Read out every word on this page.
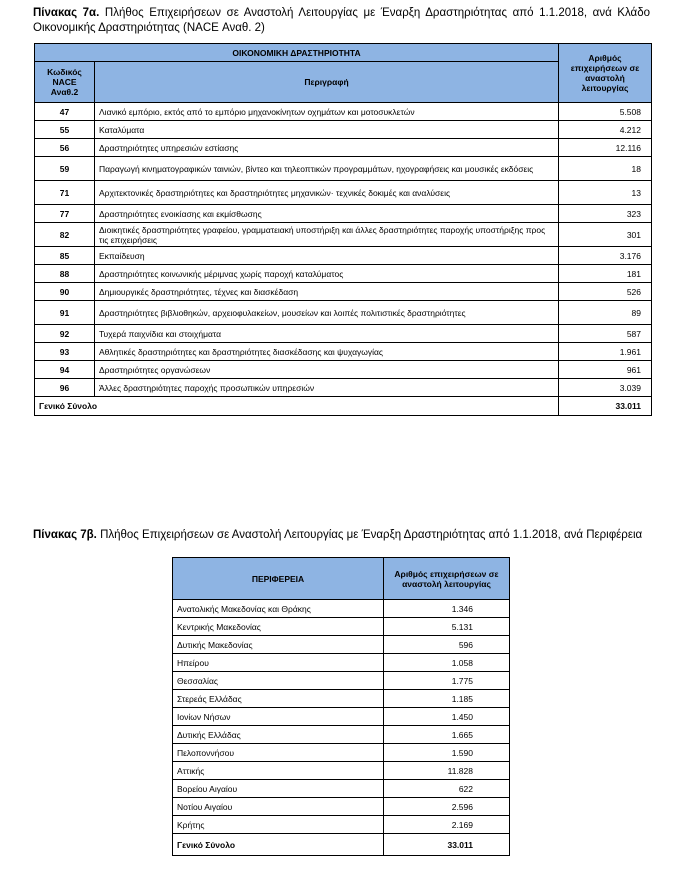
Πίνακας 7α. Πλήθος Επιχειρήσεων σε Αναστολή Λειτουργίας με Έναρξη Δραστηριότητας από 1.1.2018, ανά Κλάδο Οικονομικής Δραστηριότητας (NACE Αναθ. 2)
ΟΙΚΟΝΟΜΙΚΗ ΔΡΑΣΤΗΡΙΟΤΗΤΑ		Αριθμός επιχειρήσεων σε αναστολή λειτουργίας
Κωδικός NACE Αναθ.2	Περιγραφή	
47	Λιανικό εμπόριο, εκτός από το εμπόριο μηχανοκίνητων οχημάτων και μοτοσυκλετών	5.508
55	Καταλύματα	4.212
56	Δραστηριότητες υπηρεσιών εστίασης	12.116
59	Παραγωγή κινηματογραφικών ταινιών, βίντεο και τηλεοπτικών προγραμμάτων, ηχογραφήσεις και μουσικές εκδόσεις	18
71	Αρχιτεκτονικές δραστηριότητες και δραστηριότητες μηχανικών· τεχνικές δοκιμές και αναλύσεις	13
77	Δραστηριότητες ενοικίασης και εκμίσθωσης	323
82	Διοικητικές δραστηριότητες γραφείου, γραμματειακή υποστήριξη και άλλες δραστηριότητες παροχής υποστήριξης προς τις επιχειρήσεις	301
85	Εκπαίδευση	3.176
88	Δραστηριότητες κοινωνικής μέριμνας χωρίς παροχή καταλύματος	181
90	Δημιουργικές δραστηριότητες, τέχνες και διασκέδαση	526
91	Δραστηριότητες βιβλιοθηκών, αρχειοφυλακείων, μουσείων και λοιπές πολιτιστικές δραστηριότητες	89
92	Τυχερά παιχνίδια και στοιχήματα	587
93	Αθλητικές δραστηριότητες και δραστηριότητες διασκέδασης και ψυχαγωγίας	1.961
94	Δραστηριότητες οργανώσεων	961
96	Άλλες δραστηριότητες παροχής προσωπικών υπηρεσιών	3.039
Γενικό Σύνολο		33.011
Πίνακας 7β. Πλήθος Επιχειρήσεων σε Αναστολή Λειτουργίας με Έναρξη Δραστηριότητας από 1.1.2018, ανά Περιφέρεια
ΠΕΡΙΦΕΡΕΙΑ	Αριθμός επιχειρήσεων σε αναστολή λειτουργίας
Ανατολικής Μακεδονίας και Θράκης	1.346
Κεντρικής Μακεδονίας	5.131
Δυτικής Μακεδονίας	596
Ηπείρου	1.058
Θεσσαλίας	1.775
Στερεάς Ελλάδας	1.185
Ιονίων Νήσων	1.450
Δυτικής Ελλάδας	1.665
Πελοποννήσου	1.590
Αττικής	11.828
Βορείου Αιγαίου	622
Νοτίου Αιγαίου	2.596
Κρήτης	2.169
Γενικό Σύνολο	33.011
